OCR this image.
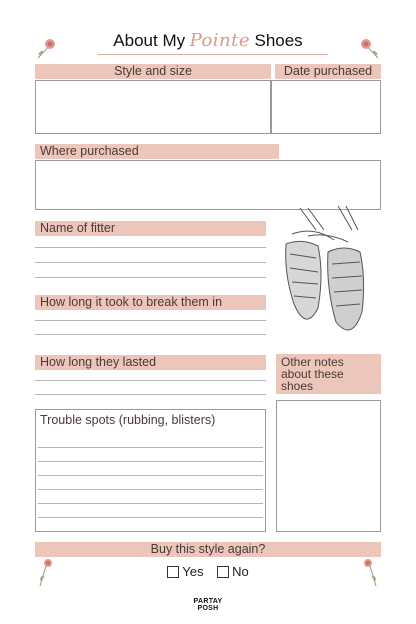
About My Pointe Shoes
Style and size	Date purchased
Where purchased
Name of fitter
How long it took to break them in
How long they lasted	Other notes about these shoes
Trouble spots (rubbing, blisters)
Buy this style again?
Yes No
PARTAY POSH
